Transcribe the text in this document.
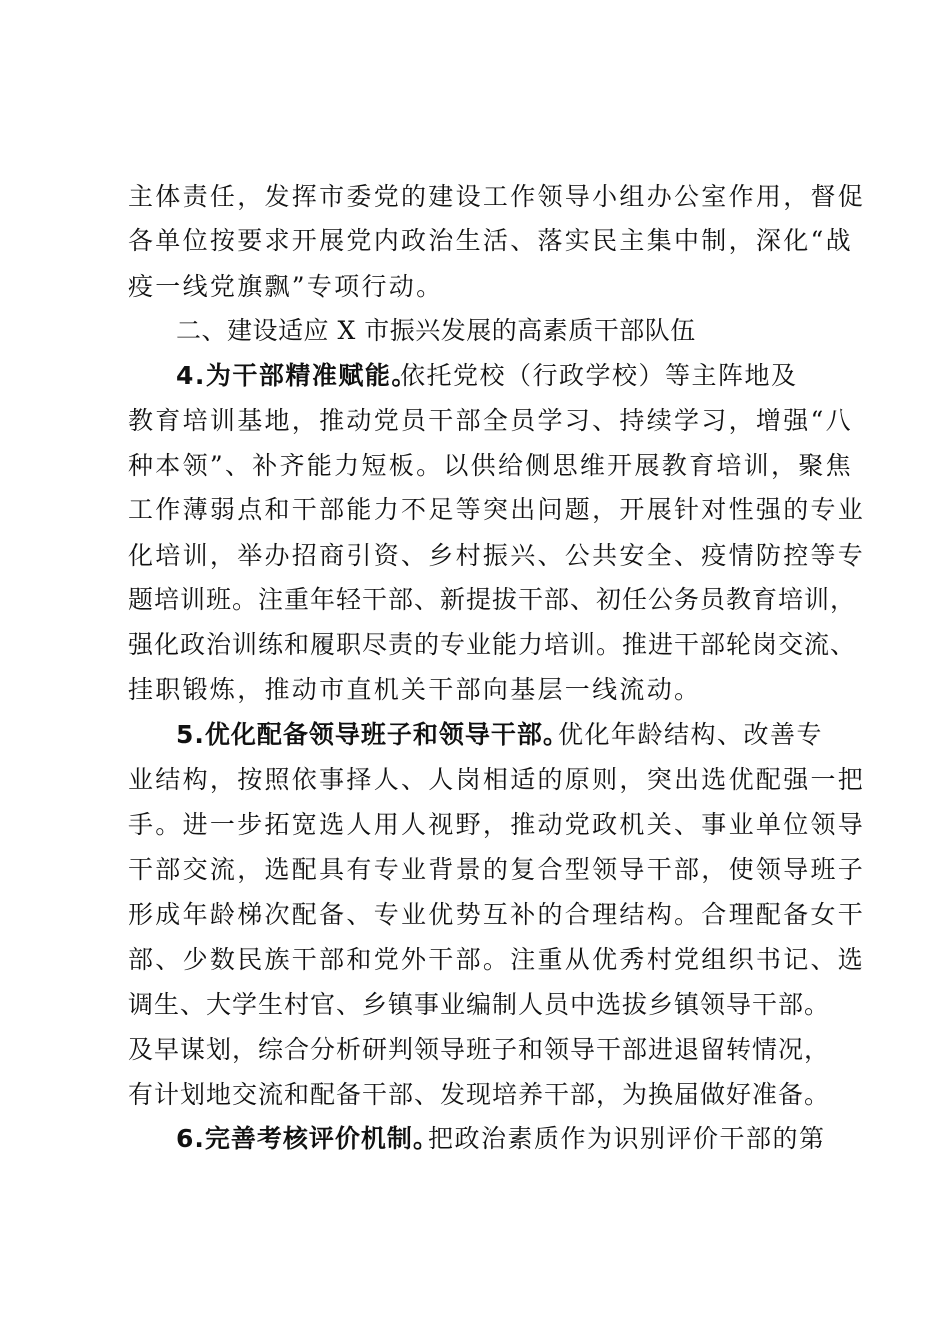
主体责任，发挥市委党的建设工作领导小组办公室作用，督促
各单位按要求开展党内政治生活、落实民主集中制，深化“战
疫一线党旗飘”专项行动。
二、建设适应 X 市振兴发展的高素质干部队伍
4.为干部精准赋能。
依托党校（行政学校）等主阵地及
教育培训基地，推动党员干部全员学习、持续学习，增强“八
种本领”、补齐能力短板。以供给侧思维开展教育培训，聚焦
工作薄弱点和干部能力不足等突出问题，开展针对性强的专业
化培训，举办招商引资、乡村振兴、公共安全、疫情防控等专
题培训班。注重年轻干部、新提拔干部、初任公务员教育培训，
强化政治训练和履职尽责的专业能力培训。推进干部轮岗交流、
挂职锻炼，推动市直机关干部向基层一线流动。
5.优化配备领导班子和领导干部。
优化年龄结构、改善专
业结构，按照依事择人、人岗相适的原则，突出选优配强一把
手。进一步拓宽选人用人视野，推动党政机关、事业单位领导
干部交流，选配具有专业背景的复合型领导干部，使领导班子
形成年龄梯次配备、专业优势互补的合理结构。合理配备女干
部、少数民族干部和党外干部。注重从优秀村党组织书记、选
调生、大学生村官、乡镇事业编制人员中选拔乡镇领导干部。
及早谋划，综合分析研判领导班子和领导干部进退留转情况，
有计划地交流和配备干部、发现培养干部，为换届做好准备。
6.完善考核评价机制。
把政治素质作为识别评价干部的第
